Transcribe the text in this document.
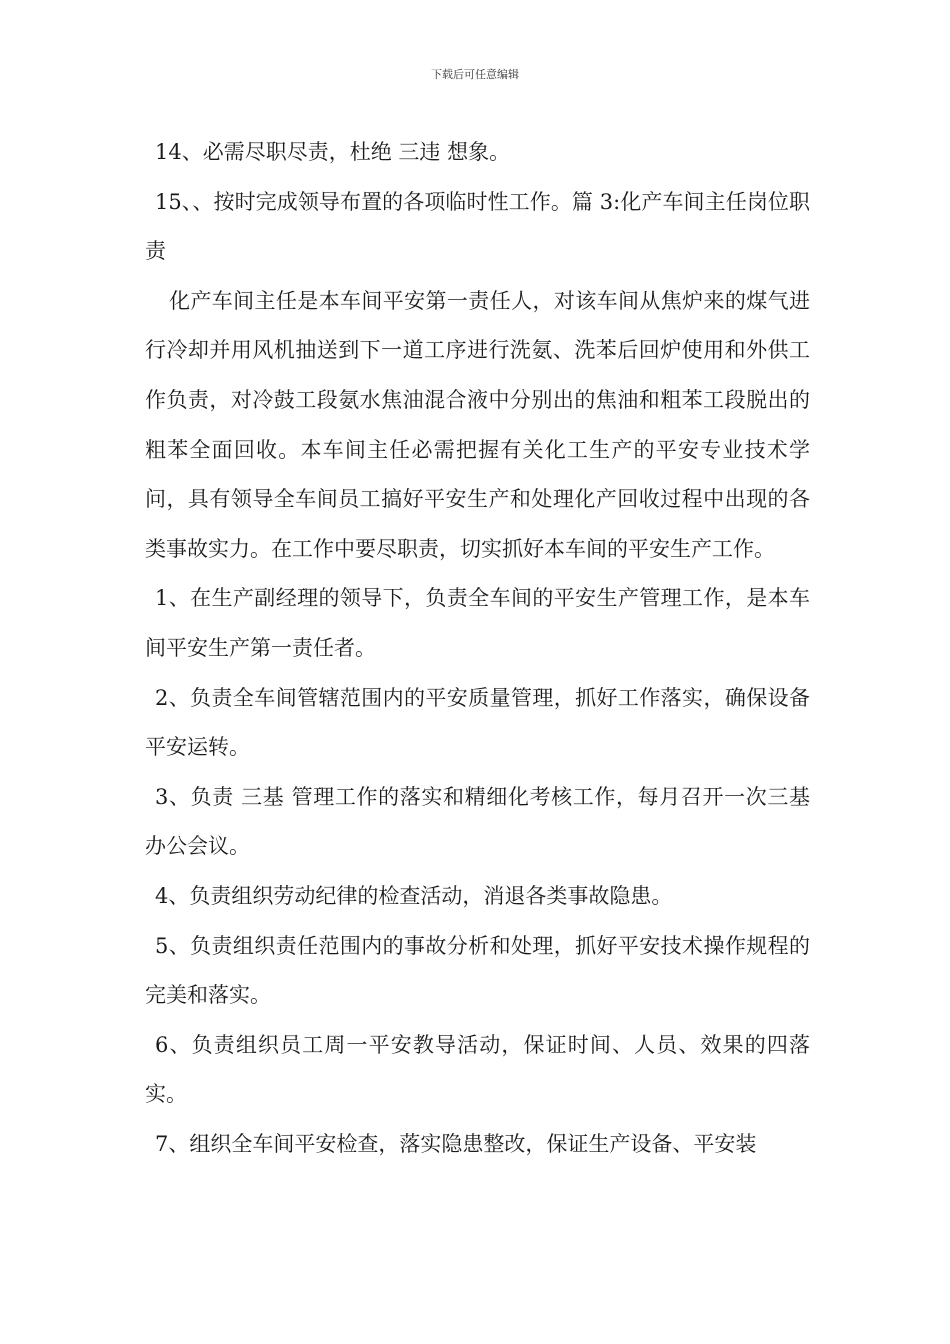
下载后可任意编辑

14、必需尽职尽责，杜绝 三违 想象。

15、、按时完成领导布置的各项临时性工作。篇 3:化产车间主任岗位职责

化产车间主任是本车间平安第一责任人，对该车间从焦炉来的煤气进行冷却并用风机抽送到下一道工序进行洗氨、洗苯后回炉使用和外供工作负责，对冷鼓工段氨水焦油混合液中分别出的焦油和粗苯工段脱出的粗苯全面回收。本车间主任必需把握有关化工生产的平安专业技术学问，具有领导全车间员工搞好平安生产和处理化产回收过程中出现的各类事故实力。在工作中要尽职责，切实抓好本车间的平安生产工作。

1、在生产副经理的领导下，负责全车间的平安生产管理工作，是本车间平安生产第一责任者。

2、负责全车间管辖范围内的平安质量管理，抓好工作落实，确保设备平安运转。

3、负责 三基 管理工作的落实和精细化考核工作，每月召开一次三基 办公会议。

4、负责组织劳动纪律的检查活动，消退各类事故隐患。

5、负责组织责任范围内的事故分析和处理，抓好平安技术操作规程的完美和落实。

6、负责组织员工周一平安教导活动，保证时间、人员、效果的四落实。

7、组织全车间平安检查，落实隐患整改，保证生产设备、平安装
